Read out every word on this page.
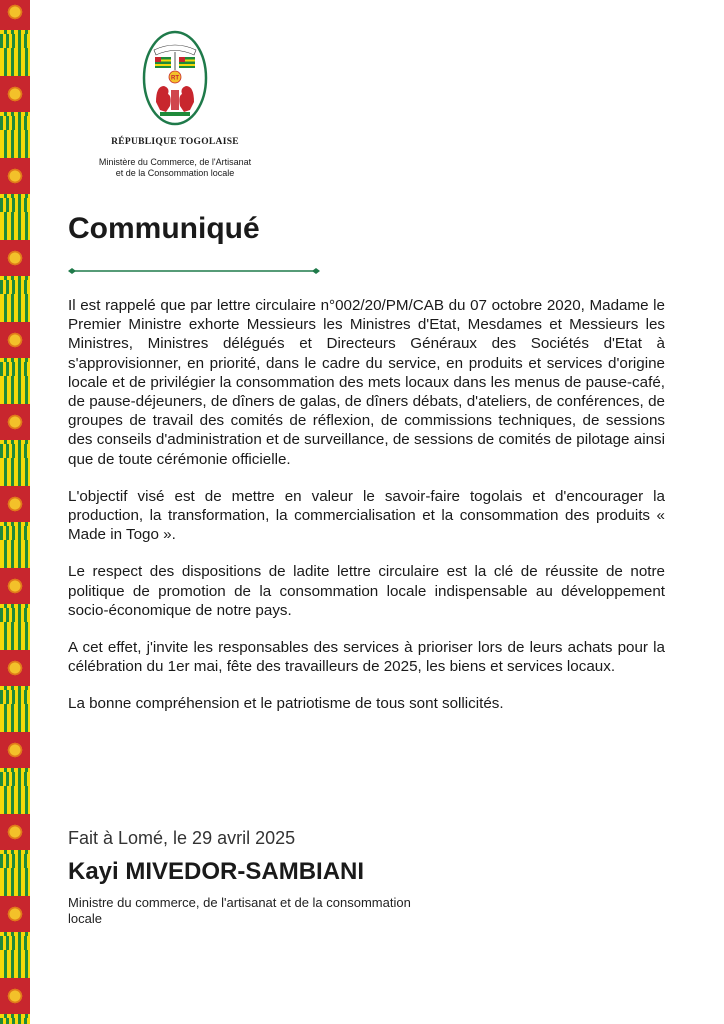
RT
RÉPUBLIQUE TOGOLAISE
Ministère du Commerce, de l'Artisanat
et de la Consommation locale
Communiqué

Il est rappelé que par lettre circulaire n°002/20/PM/CAB du 07 octobre 2020, Madame le Premier Ministre exhorte Messieurs les Ministres d'Etat, Mesdames et Messieurs les Ministres, Ministres délégués et Directeurs Généraux des Sociétés d'Etat à s'approvisionner, en priorité, dans le cadre du service, en produits et services d'origine locale et de privilégier la consommation des mets locaux dans les menus de pause-café, de pause-déjeuners, de dîners de galas, de dîners débats, d'ateliers, de conférences, de groupes de travail des comités de réflexion, de commissions techniques, de sessions des conseils d'administration et de surveillance, de sessions de comités de pilotage ainsi que de toute cérémonie officielle.

L'objectif visé est de mettre en valeur le savoir-faire togolais et d'encourager la production, la transformation, la commercialisation et la consommation des produits « Made in Togo ».

Le respect des dispositions de ladite lettre circulaire est la clé de réussite de notre politique de promotion de la consommation locale indispensable au développement socio-économique de notre pays.

A cet effet, j'invite les responsables des services à prioriser lors de leurs achats pour la célébration du 1er mai, fête des travailleurs de 2025, les biens et services locaux.

La bonne compréhension et le patriotisme de tous sont sollicités.

Fait à Lomé, le 29 avril 2025
Kayi MIVEDOR-SAMBIANI
Ministre du commerce, de l'artisanat et de la consommation locale
